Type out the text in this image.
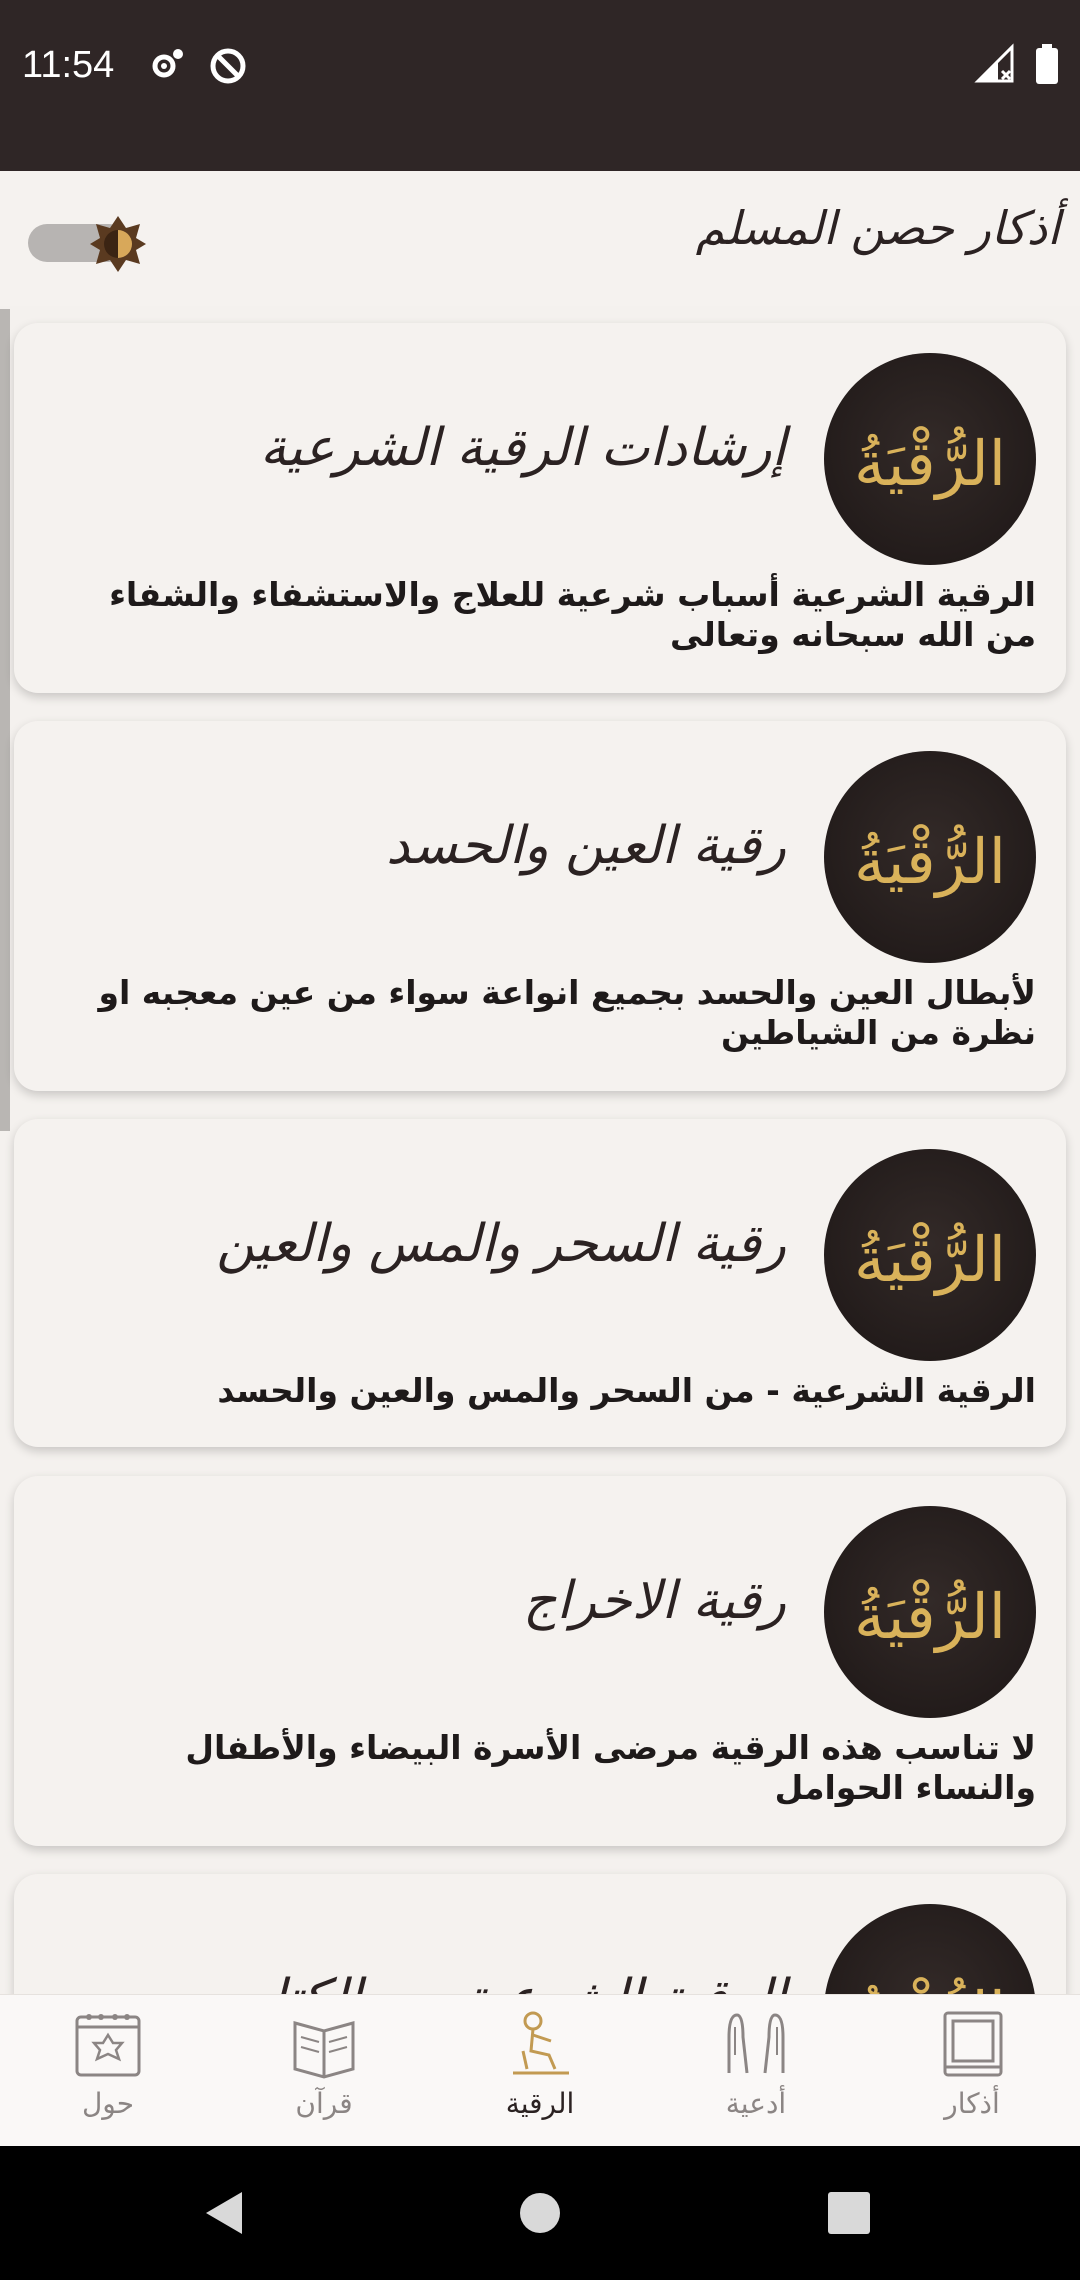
11:54
أذكار حصن المسلم
الرُّقْيَةُ
إرشادات الرقية الشرعية
الرقية الشرعية أسباب شرعية للعلاج والاستشفاء والشفاء من الله سبحانه وتعالى
الرُّقْيَةُ
رقية العين والحسد
لأبطال العين والحسد بجميع انواعة سواء من عين معجبه او نظرة من الشياطين
الرُّقْيَةُ
رقية السحر والمس والعين
الرقية الشرعية - من السحر والمس والعين والحسد
الرُّقْيَةُ
رقية الاخراج
لا تناسب هذه الرقية مرضى الأسرة البيضاء والأطفال والنساء الحوامل
حول	قرآن	الرقية	أدعية	أذكار
